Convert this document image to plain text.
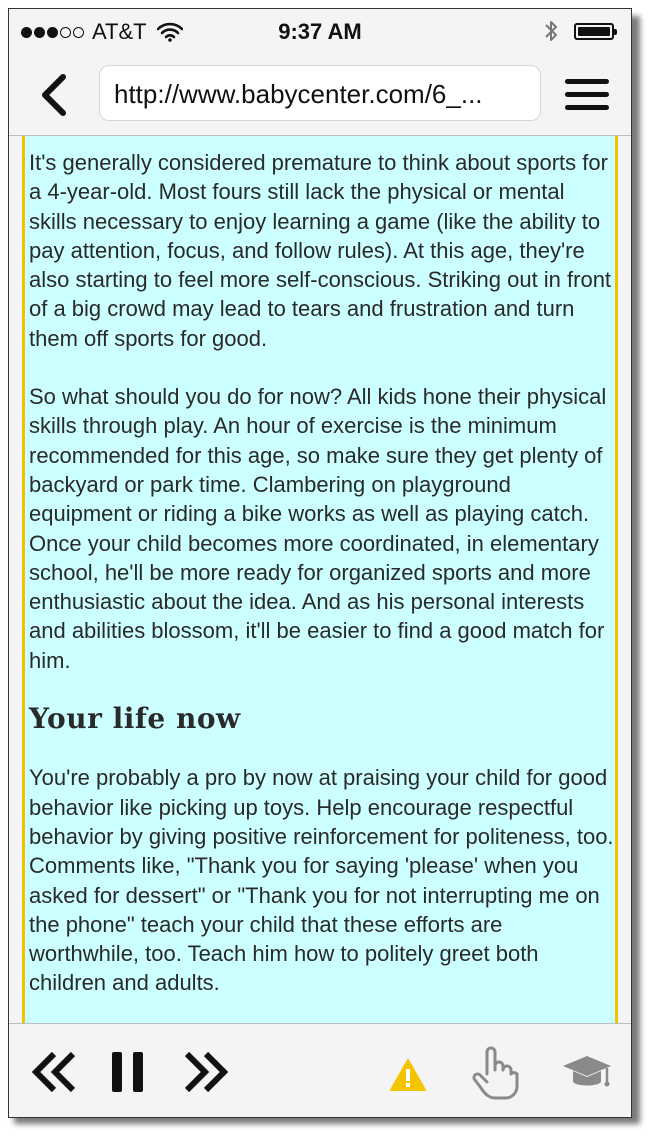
AT&T	9:37 AM
http://www.babycenter.com/6_...

It's generally considered premature to think about sports for a 4-year-old. Most fours still lack the physical or mental skills necessary to enjoy learning a game (like the ability to pay attention, focus, and follow rules). At this age, they're also starting to feel more self-conscious. Striking out in front of a big crowd may lead to tears and frustration and turn them off sports for good.

So what should you do for now? All kids hone their physical skills through play. An hour of exercise is the minimum recommended for this age, so make sure they get plenty of backyard or park time. Clambering on playground equipment or riding a bike works as well as playing catch. Once your child becomes more coordinated, in elementary school, he'll be more ready for organized sports and more enthusiastic about the idea. And as his personal interests and abilities blossom, it'll be easier to find a good match for him.

Your life now

You're probably a pro by now at praising your child for good behavior like picking up toys. Help encourage respectful behavior by giving positive reinforcement for politeness, too. Comments like, "Thank you for saying 'please' when you asked for dessert" or "Thank you for not interrupting me on the phone" teach your child that these efforts are worthwhile, too. Teach him how to politely greet both children and adults.
